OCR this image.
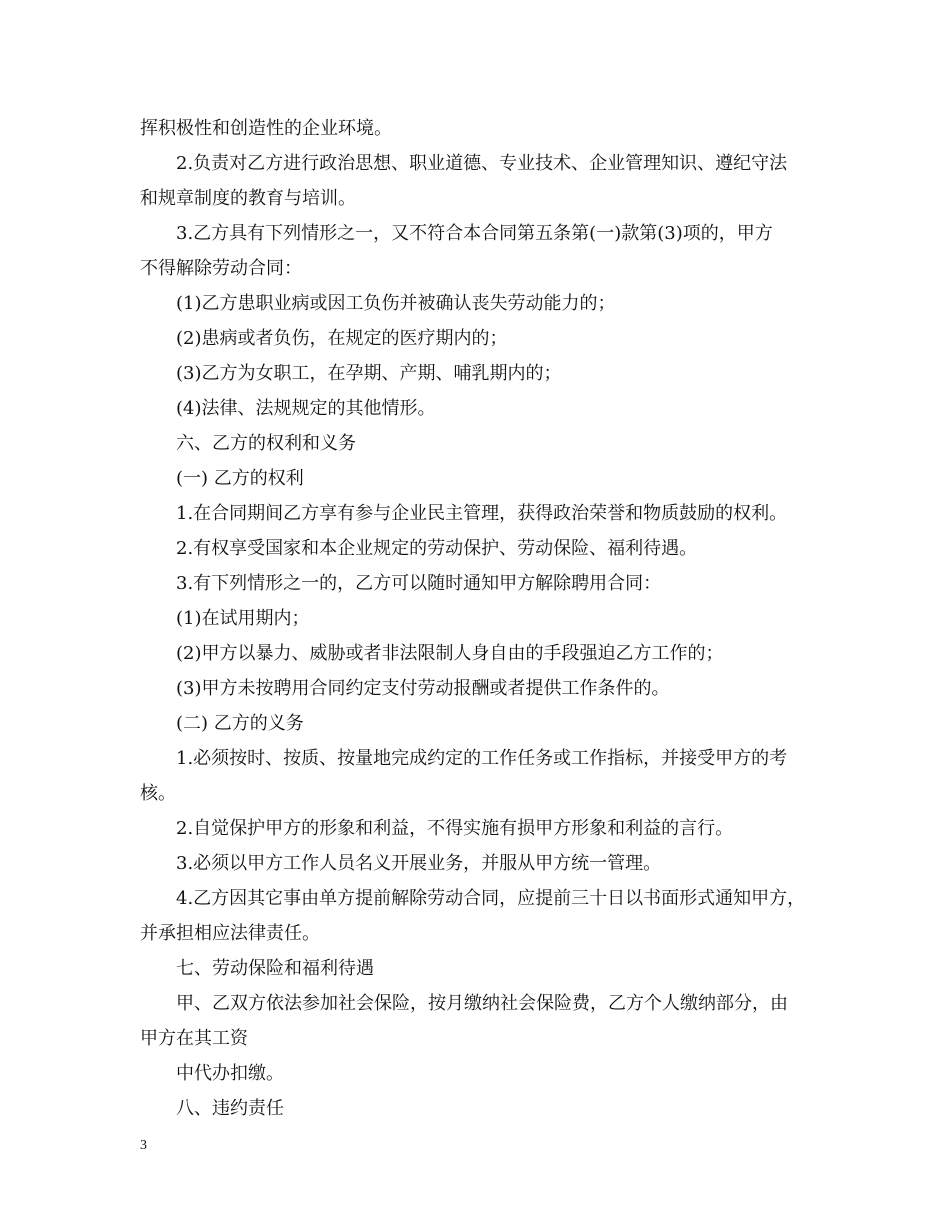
挥积极性和创造性的企业环境。
2.负责对乙方进行政治思想、职业道德、专业技术、企业管理知识、遵纪守法
和规章制度的教育与培训。
3.乙方具有下列情形之一，又不符合本合同第五条第(一)款第(3)项的，甲方
不得解除劳动合同：
(1)乙方患职业病或因工负伤并被确认丧失劳动能力的；
(2)患病或者负伤，在规定的医疗期内的；
(3)乙方为女职工，在孕期、产期、哺乳期内的；
(4)法律、法规规定的其他情形。
六、乙方的权利和义务
(一) 乙方的权利
1.在合同期间乙方享有参与企业民主管理，获得政治荣誉和物质鼓励的权利。
2.有权享受国家和本企业规定的劳动保护、劳动保险、福利待遇。
3.有下列情形之一的，乙方可以随时通知甲方解除聘用合同：
(1)在试用期内；
(2)甲方以暴力、威胁或者非法限制人身自由的手段强迫乙方工作的；
(3)甲方未按聘用合同约定支付劳动报酬或者提供工作条件的。
(二) 乙方的义务
1.必须按时、按质、按量地完成约定的工作任务或工作指标，并接受甲方的考
核。
2.自觉保护甲方的形象和利益，不得实施有损甲方形象和利益的言行。
3.必须以甲方工作人员名义开展业务，并服从甲方统一管理。
4.乙方因其它事由单方提前解除劳动合同，应提前三十日以书面形式通知甲方，
并承担相应法律责任。
七、劳动保险和福利待遇
甲、乙双方依法参加社会保险，按月缴纳社会保险费，乙方个人缴纳部分，由
甲方在其工资
中代办扣缴。
八、违约责任
3
